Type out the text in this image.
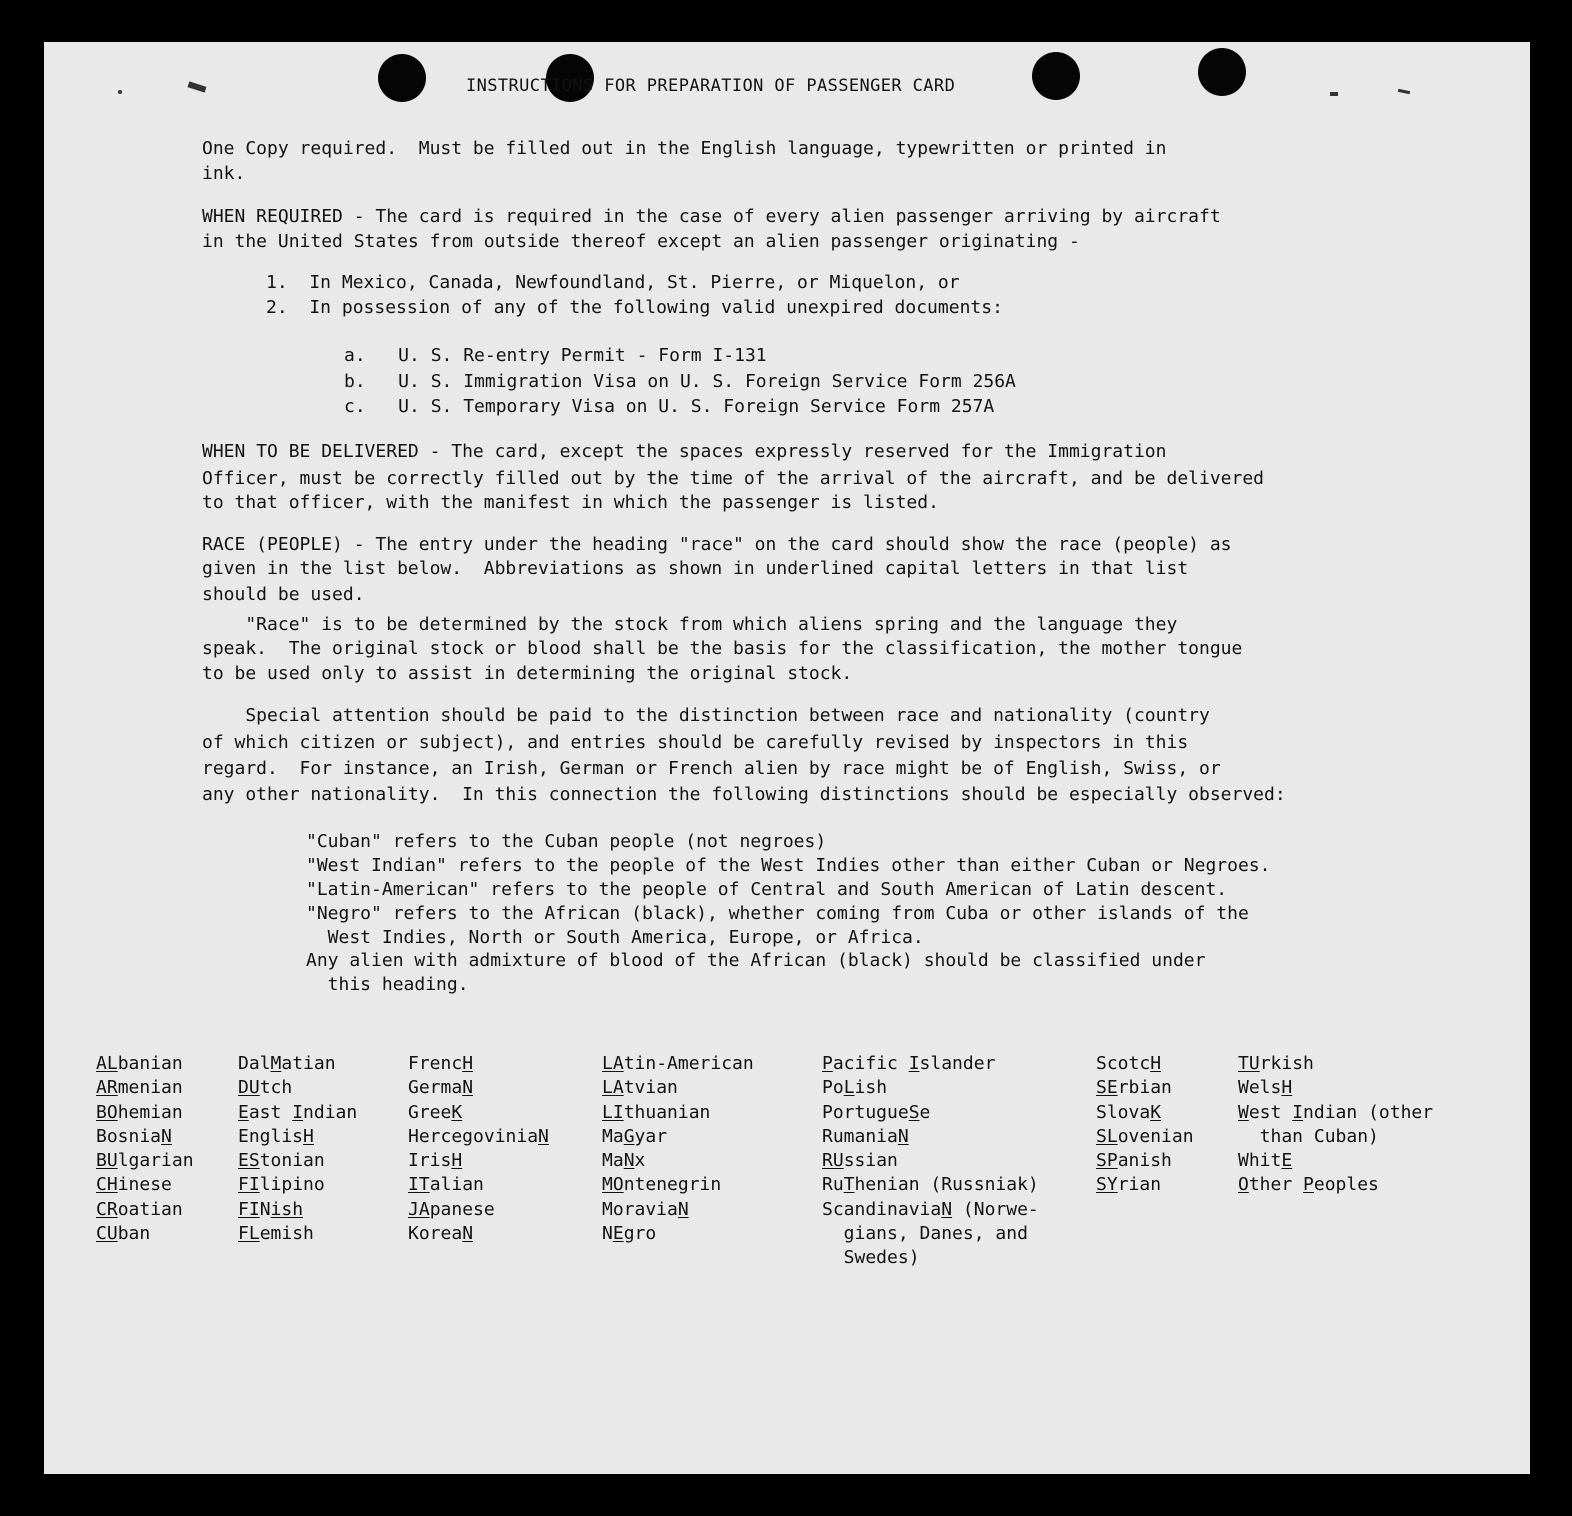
INSTRUCTIONS FOR PREPARATION OF PASSENGER CARD
One Copy required.  Must be filled out in the English language, typewritten or printed in
ink.
WHEN REQUIRED - The card is required in the case of every alien passenger arriving by aircraft
in the United States from outside thereof except an alien passenger originating -
1.  In Mexico, Canada, Newfoundland, St. Pierre, or Miquelon, or
2.  In possession of any of the following valid unexpired documents:
a.   U. S. Re-entry Permit - Form I-131
b.   U. S. Immigration Visa on U. S. Foreign Service Form 256A
c.   U. S. Temporary Visa on U. S. Foreign Service Form 257A
WHEN TO BE DELIVERED - The card, except the spaces expressly reserved for the Immigration
Officer, must be correctly filled out by the time of the arrival of the aircraft, and be delivered
to that officer, with the manifest in which the passenger is listed.
RACE (PEOPLE) - The entry under the heading "race" on the card should show the race (people) as
given in the list below.  Abbreviations as shown in underlined capital letters in that list
should be used.
"Race" is to be determined by the stock from which aliens spring and the language they
speak.  The original stock or blood shall be the basis for the classification, the mother tongue
to be used only to assist in determining the original stock.
Special attention should be paid to the distinction between race and nationality (country
of which citizen or subject), and entries should be carefully revised by inspectors in this
regard.  For instance, an Irish, German or French alien by race might be of English, Swiss, or
any other nationality.  In this connection the following distinctions should be especially observed:
"Cuban" refers to the Cuban people (not negroes)
"West Indian" refers to the people of the West Indies other than either Cuban or Negroes.
"Latin-American" refers to the people of Central and South American of Latin descent.
"Negro" refers to the African (black), whether coming from Cuba or other islands of the
West Indies, North or South America, Europe, or Africa.
Any alien with admixture of blood of the African (black) should be classified under
this heading.
ALbanian
ARmenian
BOhemian
BosniaN
BUlgarian
CHinese
CRoatian
CUban
DalMatian
DUtch
East Indian
EnglisH
EStonian
FIlipino
FINish
FLemish
FrencH
GermaN
GreeK
HercegoviniaN
IrisH
ITalian
JApanese
KoreaN
LAtin-American
LAtvian
LIthuanian
MaGyar
MaNx
MOntenegrin
MoraviaN
NEgro
Pacific Islander
PoLish
PortugueSe
RumaniaN
RUssian
RuThenian (Russniak)
ScandinaviaN (Norwe-
gians, Danes, and
Swedes)
ScotcH
SErbian
SlovaK
SLovenian
SPanish
SYrian
TUrkish
WelsH
West Indian (other
than Cuban)
WhitE
Other Peoples
